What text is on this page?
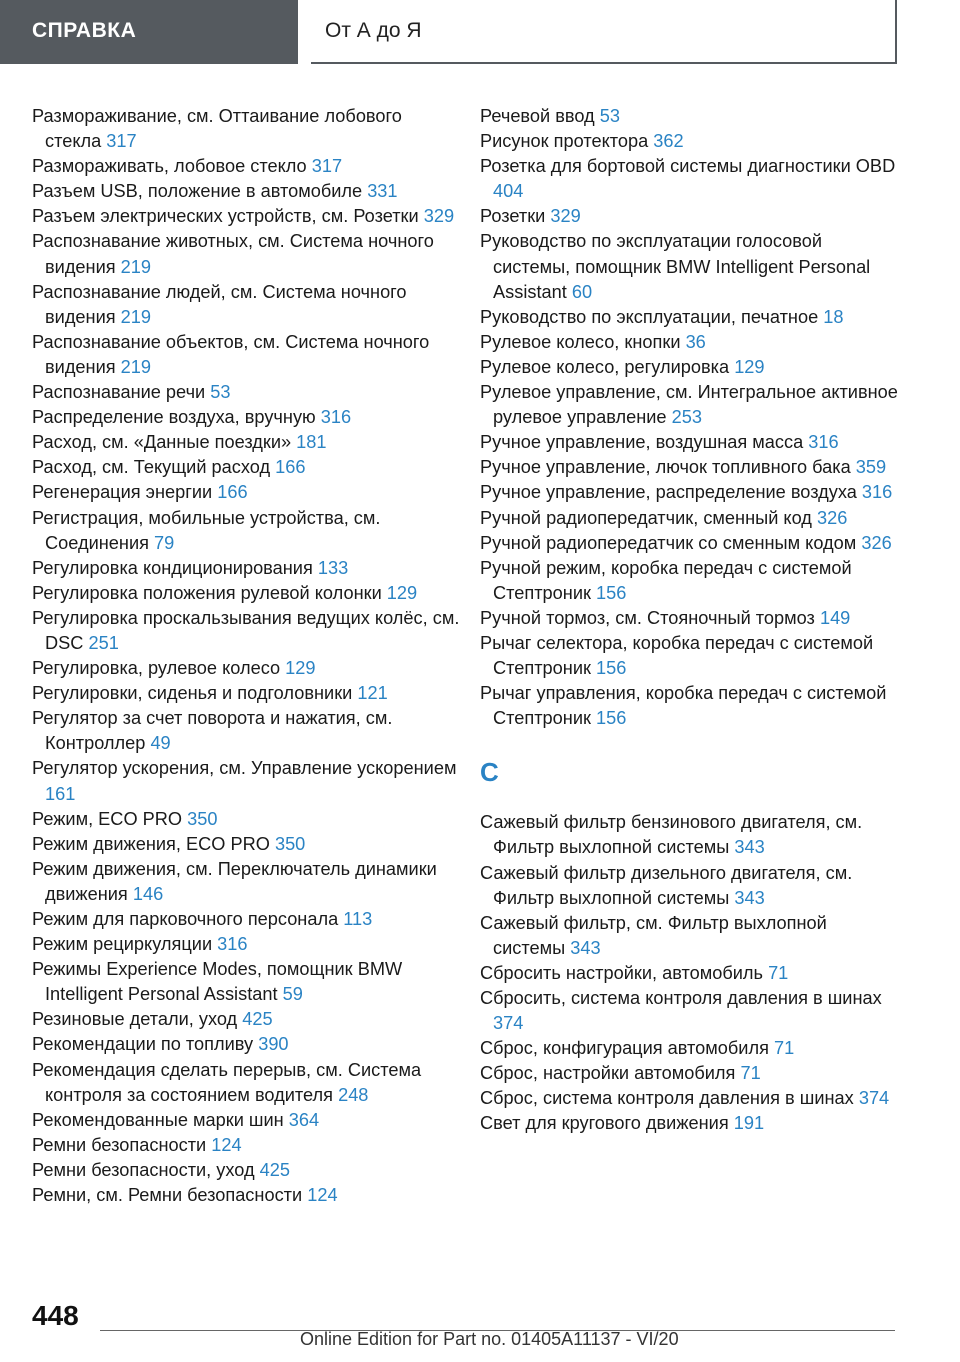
СПРАВКА	От А до Я

Размораживание, см. Оттаивание лобового стекла 317

Размораживать, лобовое стекло 317

Разъем USB, положение в автомобиле 331

Разъем электрических устройств, см. Розетки 329

Распознавание животных, см. Система ночного видения 219

Распознавание людей, см. Система ночного видения 219

Распознавание объектов, см. Система ночного видения 219

Распознавание речи 53

Распределение воздуха, вручную 316

Расход, см. «Данные поездки» 181

Расход, см. Текущий расход 166

Регенерация энергии 166

Регистрация, мобильные устройства, см. Соединения 79

Регулировка кондиционирования 133

Регулировка положения рулевой колонки 129

Регулировка проскальзывания ведущих колёс, см. DSC 251

Регулировка, рулевое колесо 129

Регулировки, сиденья и подголовники 121

Регулятор за счет поворота и нажатия, см. Контроллер 49

Регулятор ускорения, см. Управление ускорением 161

Режим, ECO PRO 350

Режим движения, ECO PRO 350

Режим движения, см. Переключатель динамики движения 146

Режим для парковочного персонала 113

Режим рециркуляции 316

Режимы Experience Modes, помощник BMW Intelligent Personal Assistant 59

Резиновые детали, уход 425

Рекомендации по топливу 390

Рекомендация сделать перерыв, см. Система контроля за состоянием водителя 248

Рекомендованные марки шин 364

Ремни безопасности 124

Ремни безопасности, уход 425

Ремни, см. Ремни безопасности 124

Речевой ввод 53

Рисунок протектора 362

Розетка для бортовой системы диагностики OBD 404

Розетки 329

Руководство по эксплуатации голосовой системы, помощник BMW Intelligent Personal Assistant 60

Руководство по эксплуатации, печатное 18

Рулевое колесо, кнопки 36

Рулевое колесо, регулировка 129

Рулевое управление, см. Интегральное активное рулевое управление 253

Ручное управление, воздушная масса 316

Ручное управление, лючок топливного бака 359

Ручное управление, распределение воздуха 316

Ручной радиопередатчик, сменный код 326

Ручной радиопередатчик со сменным кодом 326

Ручной режим, коробка передач с системой Стептроник 156

Ручной тормоз, см. Стояночный тормоз 149

Рычаг селектора, коробка передач с системой Стептроник 156

Рычаг управления, коробка передач с системой Стептроник 156

С

Сажевый фильтр бензинового двигателя, см. Фильтр выхлопной системы 343

Сажевый фильтр дизельного двигателя, см. Фильтр выхлопной системы 343

Сажевый фильтр, см. Фильтр выхлопной системы 343

Сбросить настройки, автомобиль 71

Сбросить, система контроля давления в шинах 374

Сброс, конфигурация автомобиля 71

Сброс, настройки автомобиля 71

Сброс, система контроля давления в шинах 374

Свет для кругового движения 191

448
Online Edition for Part no. 01405A11137 - VI/20
